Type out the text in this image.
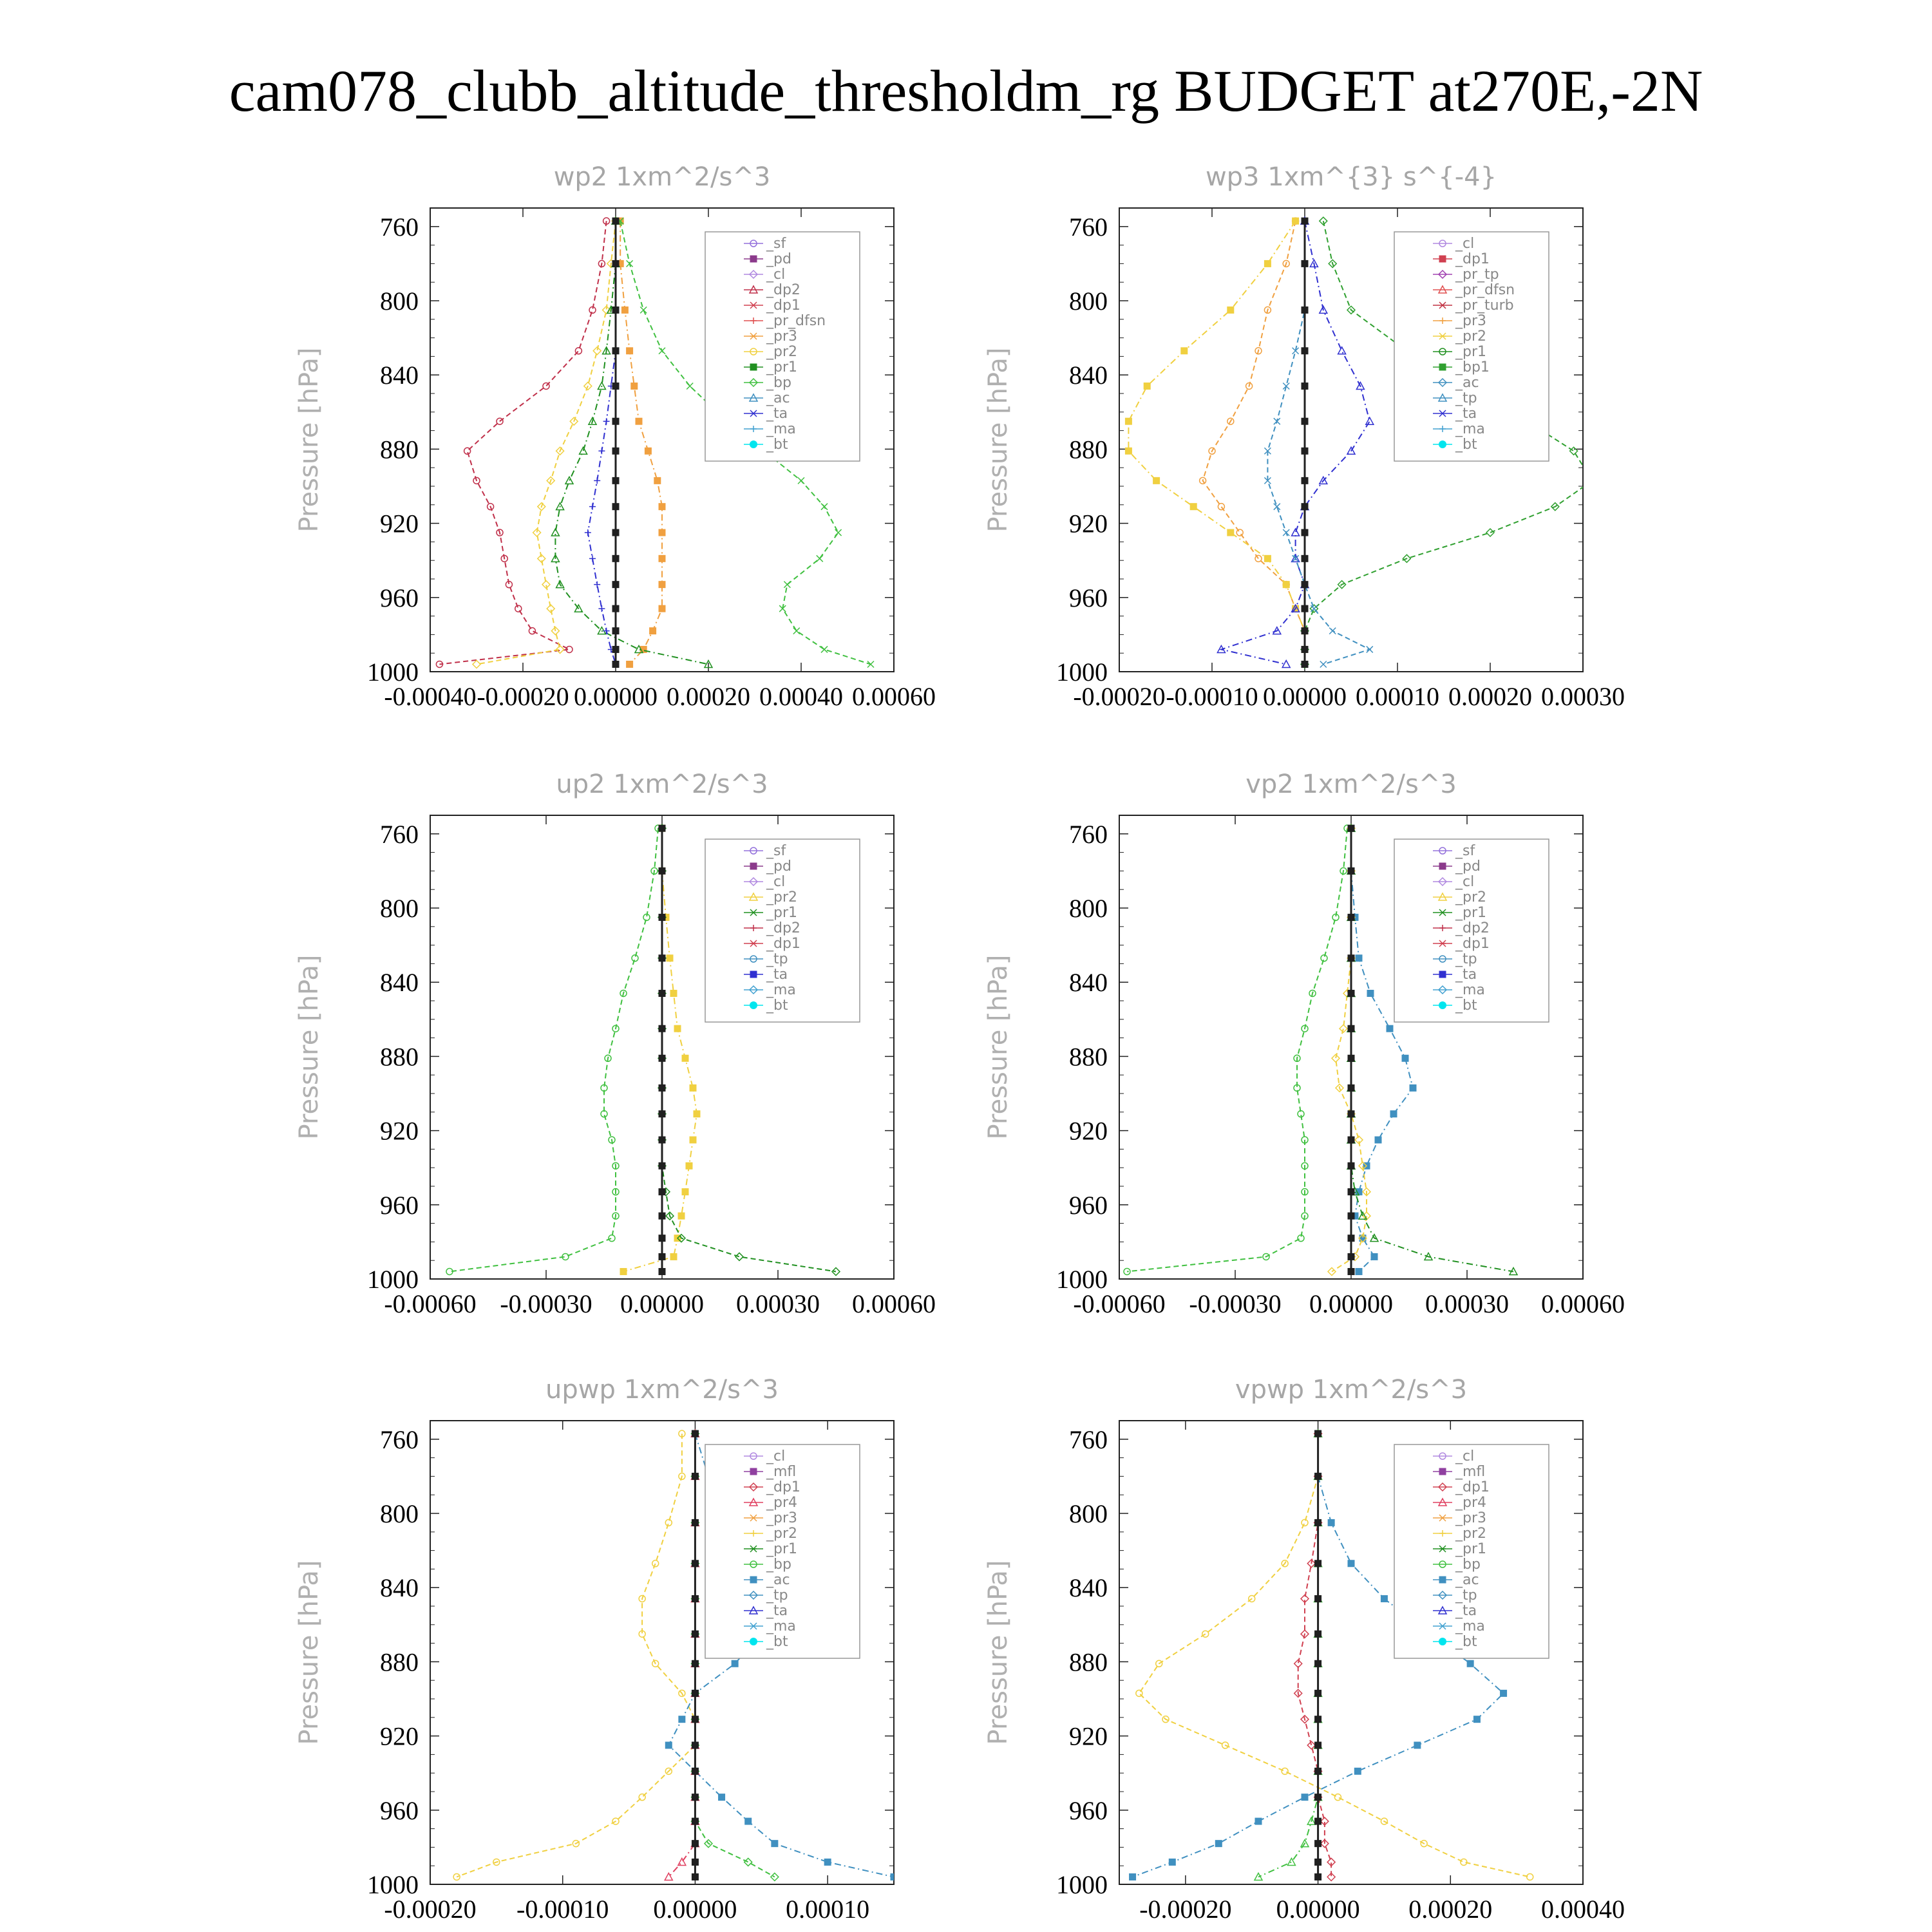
cam078_clubb_altitude_thresholdm_rg BUDGET at270E,-2N
wp2 1xm^2/s^3
Pressure [hPa]
760
800
840
880
920
960
1000
-0.00040 -0.00020 0.00000 0.00020 0.00040 0.00060
_sf
_pd
_cl
_dp2
_dp1
_pr_dfsn
_pr3
_pr2
_pr1
_bp
_ac
_ta
_ma
_bt
wp3 1xm^{3} s^{-4}
Pressure [hPa]
760
800
840
880
920
960
1000
-0.00020 -0.00010 0.00000 0.00010 0.00020 0.00030
_cl
_dp1
_pr_tp
_pr_dfsn
_pr_turb
_pr3
_pr2
_pr1
_bp1
_ac
_tp
_ta
_ma
_bt
up2 1xm^2/s^3
Pressure [hPa]
760
800
840
880
920
960
1000
-0.00060 -0.00030 0.00000 0.00030 0.00060
_sf
_pd
_cl
_pr2
_pr1
_dp2
_dp1
_tp
_ta
_ma
_bt
vp2 1xm^2/s^3
Pressure [hPa]
760
800
840
880
920
960
1000
-0.00060 -0.00030 0.00000 0.00030 0.00060
_sf
_pd
_cl
_pr2
_pr1
_dp2
_dp1
_tp
_ta
_ma
_bt
upwp 1xm^2/s^3
Pressure [hPa]
760
800
840
880
920
960
1000
-0.00020 -0.00010 0.00000 0.00010
_cl
_mfl
_dp1
_pr4
_pr3
_pr2
_pr1
_bp
_ac
_tp
_ta
_ma
_bt
vpwp 1xm^2/s^3
Pressure [hPa]
760
800
840
880
920
960
1000
-0.00020 0.00000 0.00020 0.00040
_cl
_mfl
_dp1
_pr4
_pr3
_pr2
_pr1
_bp
_ac
_tp
_ta
_ma
_bt
